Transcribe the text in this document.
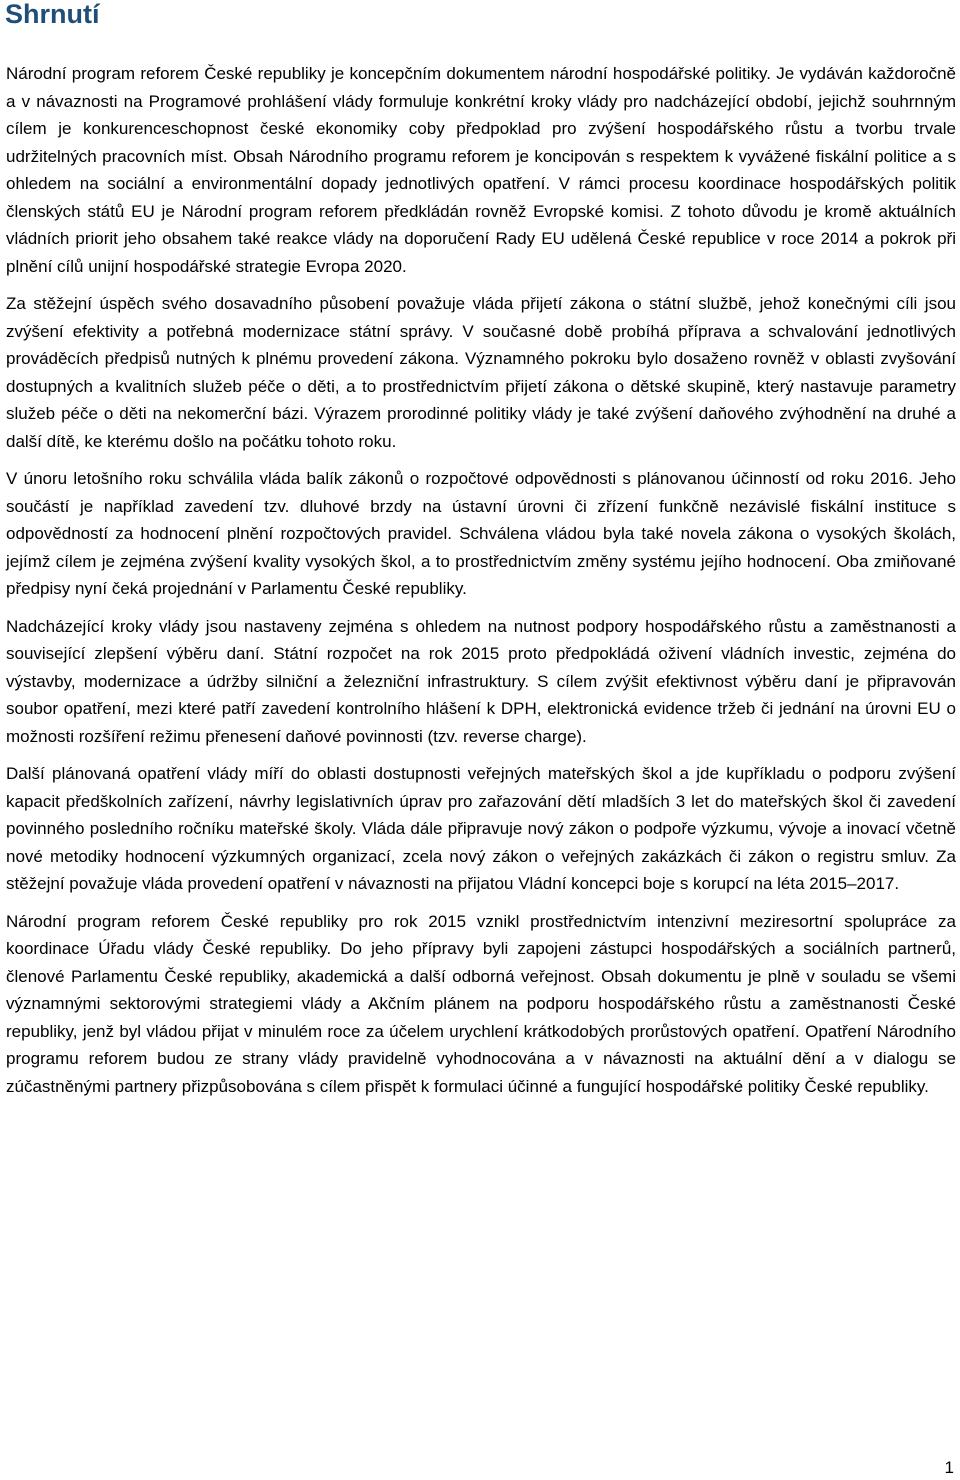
Shrnutí

Národní program reforem České republiky je koncepčním dokumentem národní hospodářské politiky. Je vydáván každoročně a v návaznosti na Programové prohlášení vlády formuluje konkrétní kroky vlády pro nadcházející období, jejichž souhrnným cílem je konkurenceschopnost české ekonomiky coby předpoklad pro zvýšení hospodářského růstu a tvorbu trvale udržitelných pracovních míst. Obsah Národního programu reforem je koncipován s respektem k vyvážené fiskální politice a s ohledem na sociální a environmentální dopady jednotlivých opatření. V rámci procesu koordinace hospodářských politik členských států EU je Národní program reforem předkládán rovněž Evropské komisi. Z tohoto důvodu je kromě aktuálních vládních priorit jeho obsahem také reakce vlády na doporučení Rady EU udělená České republice v roce 2014 a pokrok při plnění cílů unijní hospodářské strategie Evropa 2020.

Za stěžejní úspěch svého dosavadního působení považuje vláda přijetí zákona o státní službě, jehož konečnými cíli jsou zvýšení efektivity a potřebná modernizace státní správy. V současné době probíhá příprava a schvalování jednotlivých prováděcích předpisů nutných k plnému provedení zákona. Významného pokroku bylo dosaženo rovněž v oblasti zvyšování dostupných a kvalitních služeb péče o děti, a to prostřednictvím přijetí zákona o dětské skupině, který nastavuje parametry služeb péče o děti na nekomerční bázi. Výrazem prorodinné politiky vlády je také zvýšení daňového zvýhodnění na druhé a další dítě, ke kterému došlo na počátku tohoto roku.

V únoru letošního roku schválila vláda balík zákonů o rozpočtové odpovědnosti s plánovanou účinností od roku 2016. Jeho součástí je například zavedení tzv. dluhové brzdy na ústavní úrovni či zřízení funkčně nezávislé fiskální instituce s odpovědností za hodnocení plnění rozpočtových pravidel. Schválena vládou byla také novela zákona o vysokých školách, jejímž cílem je zejména zvýšení kvality vysokých škol, a to prostřednictvím změny systému jejího hodnocení. Oba zmiňované předpisy nyní čeká projednání v Parlamentu České republiky.

Nadcházející kroky vlády jsou nastaveny zejména s ohledem na nutnost podpory hospodářského růstu a zaměstnanosti a související zlepšení výběru daní. Státní rozpočet na rok 2015 proto předpokládá oživení vládních investic, zejména do výstavby, modernizace a údržby silniční a železniční infrastruktury. S cílem zvýšit efektivnost výběru daní je připravován soubor opatření, mezi které patří zavedení kontrolního hlášení k DPH, elektronická evidence tržeb či jednání na úrovni EU o možnosti rozšíření režimu přenesení daňové povinnosti (tzv. reverse charge).

Další plánovaná opatření vlády míří do oblasti dostupnosti veřejných mateřských škol a jde kupříkladu o podporu zvýšení kapacit předškolních zařízení, návrhy legislativních úprav pro zařazování dětí mladších 3 let do mateřských škol či zavedení povinného posledního ročníku mateřské školy. Vláda dále připravuje nový zákon o podpoře výzkumu, vývoje a inovací včetně nové metodiky hodnocení výzkumných organizací, zcela nový zákon o veřejných zakázkách či zákon o registru smluv. Za stěžejní považuje vláda provedení opatření v návaznosti na přijatou Vládní koncepci boje s korupcí na léta 2015–2017.

Národní program reforem České republiky pro rok 2015 vznikl prostřednictvím intenzivní meziresortní spolupráce za koordinace Úřadu vlády České republiky. Do jeho přípravy byli zapojeni zástupci hospodářských a sociálních partnerů, členové Parlamentu České republiky, akademická a další odborná veřejnost. Obsah dokumentu je plně v souladu se všemi významnými sektorovými strategiemi vlády a Akčním plánem na podporu hospodářského růstu a zaměstnanosti České republiky, jenž byl vládou přijat v minulém roce za účelem urychlení krátkodobých prorůstových opatření. Opatření Národního programu reforem budou ze strany vlády pravidelně vyhodnocována a v návaznosti na aktuální dění a v dialogu se zúčastněnými partnery přizpůsobována s cílem přispět k formulaci účinné a fungující hospodářské politiky České republiky.

1
